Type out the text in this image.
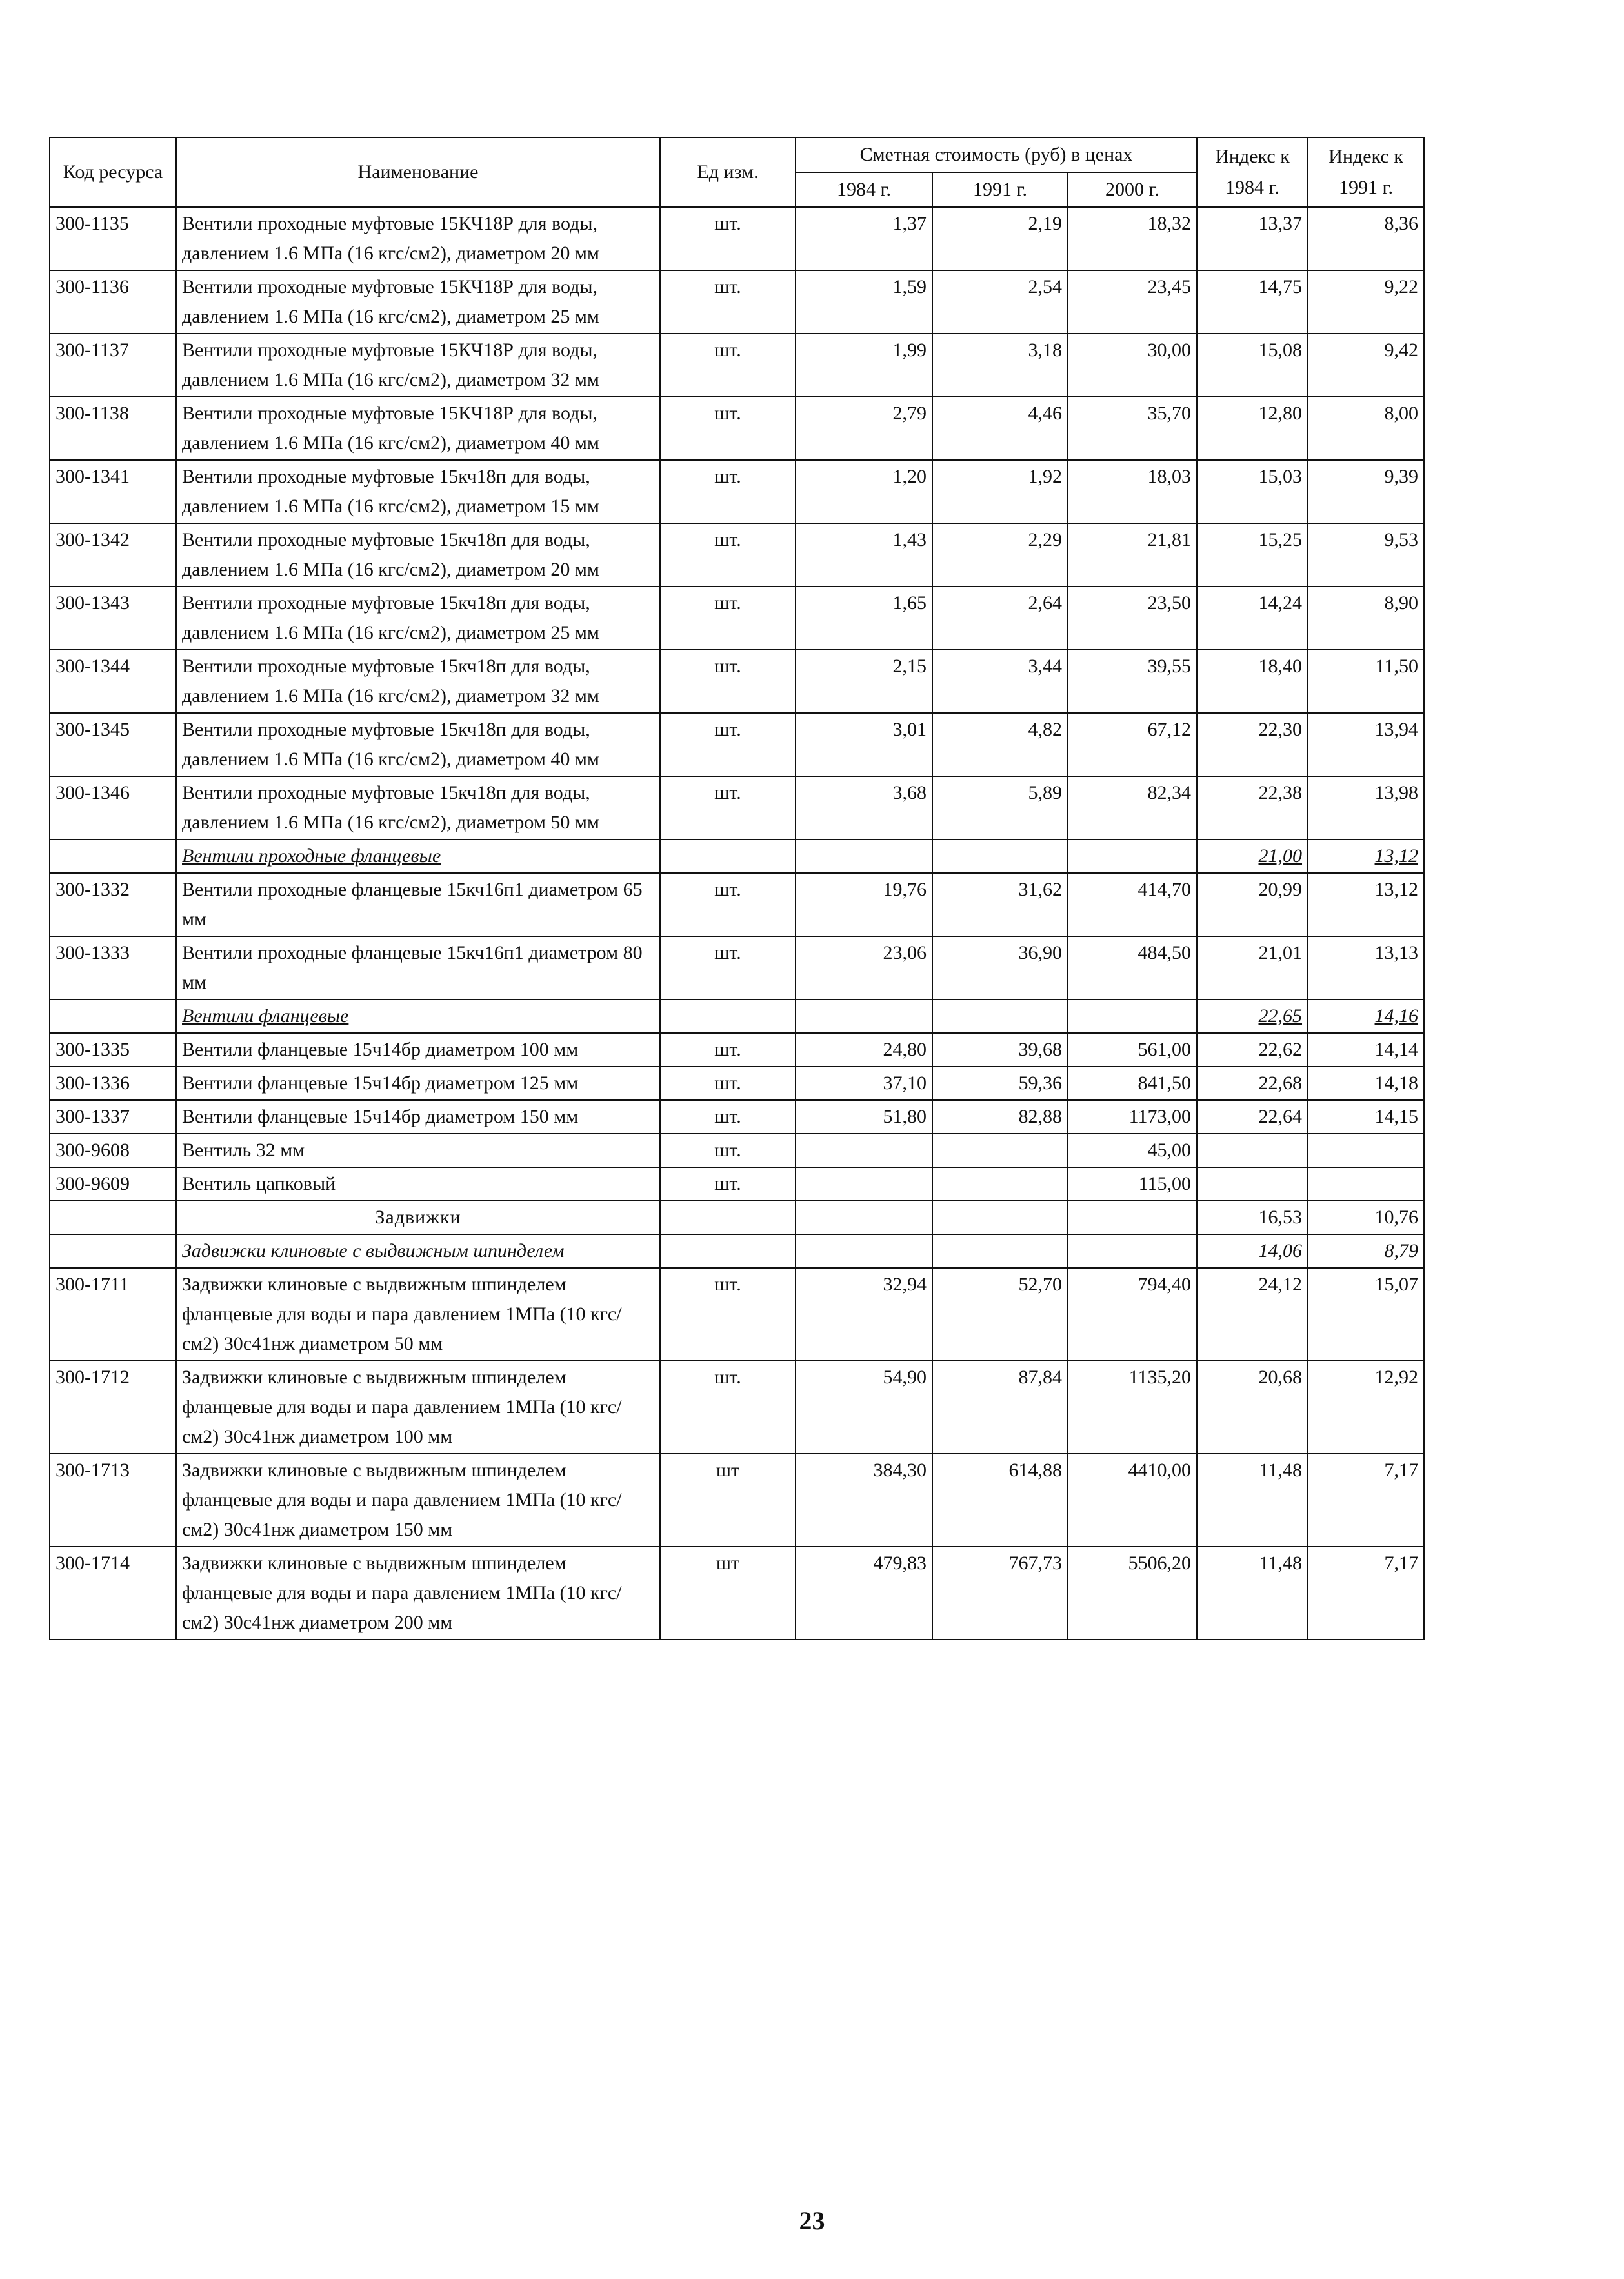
Код ресурса	Наименование	Ед изм.	Сметная стоимость (руб) в ценах			Индекс к 1984 г.	Индекс к 1991 г.
			1984 г.	1991 г.	2000 г.		
300-1135	Вентили проходные муфтовые 15КЧ18Р для воды, давлением 1.6 МПа (16 кгс/см2), диаметром 20 мм	шт.	1,37	2,19	18,32	13,37	8,36
300-1136	Вентили проходные муфтовые 15КЧ18Р для воды, давлением 1.6 МПа (16 кгс/см2), диаметром 25 мм	шт.	1,59	2,54	23,45	14,75	9,22
300-1137	Вентили проходные муфтовые 15КЧ18Р для воды, давлением 1.6 МПа (16 кгс/см2), диаметром 32 мм	шт.	1,99	3,18	30,00	15,08	9,42
300-1138	Вентили проходные муфтовые 15КЧ18Р для воды, давлением 1.6 МПа (16 кгс/см2), диаметром 40 мм	шт.	2,79	4,46	35,70	12,80	8,00
300-1341	Вентили проходные муфтовые 15кч18п для воды, давлением 1.6 МПа (16 кгс/см2), диаметром 15 мм	шт.	1,20	1,92	18,03	15,03	9,39
300-1342	Вентили проходные муфтовые 15кч18п для воды, давлением 1.6 МПа (16 кгс/см2), диаметром 20 мм	шт.	1,43	2,29	21,81	15,25	9,53
300-1343	Вентили проходные муфтовые 15кч18п для воды, давлением 1.6 МПа (16 кгс/см2), диаметром 25 мм	шт.	1,65	2,64	23,50	14,24	8,90
300-1344	Вентили проходные муфтовые 15кч18п для воды, давлением 1.6 МПа (16 кгс/см2), диаметром 32 мм	шт.	2,15	3,44	39,55	18,40	11,50
300-1345	Вентили проходные муфтовые 15кч18п для воды, давлением 1.6 МПа (16 кгс/см2), диаметром 40 мм	шт.	3,01	4,82	67,12	22,30	13,94
300-1346	Вентили проходные муфтовые 15кч18п для воды, давлением 1.6 МПа (16 кгс/см2), диаметром 50 мм	шт.	3,68	5,89	82,34	22,38	13,98
	Вентили проходные фланцевые					21,00	13,12
300-1332	Вентили проходные фланцевые 15кч16п1 диаметром 65 мм	шт.	19,76	31,62	414,70	20,99	13,12
300-1333	Вентили проходные фланцевые 15кч16п1 диаметром 80 мм	шт.	23,06	36,90	484,50	21,01	13,13
	Вентили фланцевые					22,65	14,16
300-1335	Вентили фланцевые 15ч14бр диаметром 100 мм	шт.	24,80	39,68	561,00	22,62	14,14
300-1336	Вентили фланцевые 15ч14бр диаметром 125 мм	шт.	37,10	59,36	841,50	22,68	14,18
300-1337	Вентили фланцевые 15ч14бр диаметром 150 мм	шт.	51,80	82,88	1173,00	22,64	14,15
300-9608	Вентиль 32 мм	шт.			45,00		
300-9609	Вентиль цапковый	шт.			115,00		
	Задвижки					16,53	10,76
	Задвижки клиновые с выдвижным шпинделем					14,06	8,79
300-1711	Задвижки клиновые с выдвижным шпинделем фланцевые для воды и пара давлением 1МПа (10 кгс/см2) 30с41нж диаметром 50 мм	шт.	32,94	52,70	794,40	24,12	15,07
300-1712	Задвижки клиновые с выдвижным шпинделем фланцевые для воды и пара давлением 1МПа (10 кгс/см2) 30с41нж диаметром 100 мм	шт.	54,90	87,84	1135,20	20,68	12,92
300-1713	Задвижки клиновые с выдвижным шпинделем фланцевые для воды и пара давлением 1МПа (10 кгс/см2) 30с41нж диаметром 150 мм	шт	384,30	614,88	4410,00	11,48	7,17
300-1714	Задвижки клиновые с выдвижным шпинделем фланцевые для воды и пара давлением 1МПа (10 кгс/см2) 30с41нж диаметром 200 мм	шт	479,83	767,73	5506,20	11,48	7,17
23
